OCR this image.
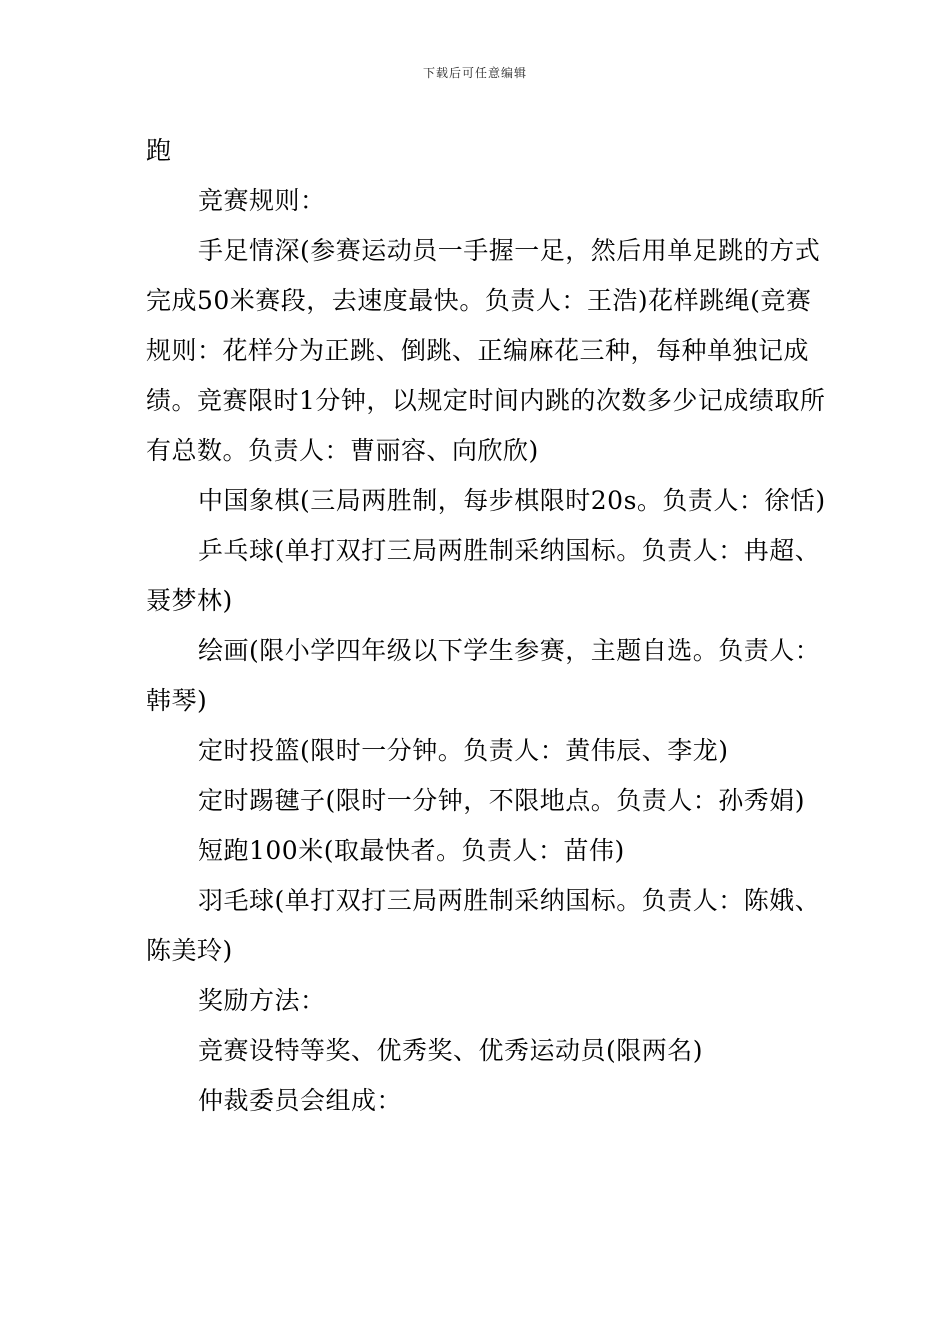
下载后可任意编辑

跑

竞赛规则：

手足情深(参赛运动员一手握一足，然后用单足跳的方式完成50米赛段，去速度最快。负责人：王浩)花样跳绳(竞赛规则：花样分为正跳、倒跳、正编麻花三种，每种单独记成绩。竞赛限时1分钟，以规定时间内跳的次数多少记成绩取所有总数。负责人：曹丽容、向欣欣)

中国象棋(三局两胜制，每步棋限时20s。负责人：徐恬)

乒乓球(单打双打三局两胜制采纳国标。负责人：冉超、聂梦林)

绘画(限小学四年级以下学生参赛，主题自选。负责人：韩琴)

定时投篮(限时一分钟。负责人：黄伟辰、李龙)

定时踢毽子(限时一分钟，不限地点。负责人：孙秀娟)

短跑100米(取最快者。负责人：苗伟)

羽毛球(单打双打三局两胜制采纳国标。负责人：陈娥、陈美玲)

奖励方法：

竞赛设特等奖、优秀奖、优秀运动员(限两名)

仲裁委员会组成：
